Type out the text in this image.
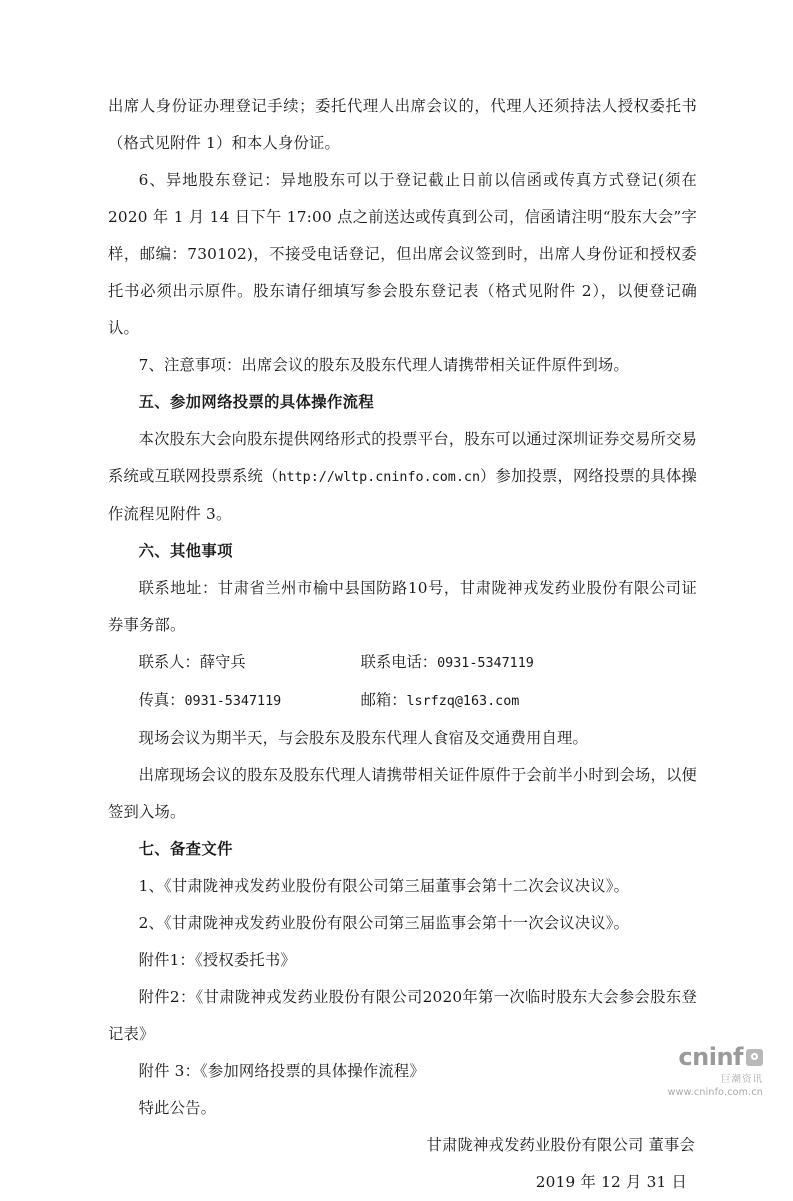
出席人身份证办理登记手续；委托代理人出席会议的，代理人还须持法人授权委托书（格式见附件 1）和本人身份证。

6、异地股东登记：异地股东可以于登记截止日前以信函或传真方式登记(须在 2020 年 1 月 14 日下午 17:00 点之前送达或传真到公司，信函请注明“股东大会”字样，邮编：730102)，不接受电话登记，但出席会议签到时，出席人身份证和授权委托书必须出示原件。股东请仔细填写参会股东登记表（格式见附件 2），以便登记确认。

7、注意事项：出席会议的股东及股东代理人请携带相关证件原件到场。

五、参加网络投票的具体操作流程

本次股东大会向股东提供网络形式的投票平台，股东可以通过深圳证券交易所交易系统或互联网投票系统（http://wltp.cninfo.com.cn）参加投票，网络投票的具体操作流程见附件 3。

六、其他事项

联系地址：甘肃省兰州市榆中县国防路10号，甘肃陇神戎发药业股份有限公司证券事务部。

联系人：薛守兵	联系电话：0931-5347119
传真：0931-5347119	邮箱：lsrfzq@163.com

现场会议为期半天，与会股东及股东代理人食宿及交通费用自理。

出席现场会议的股东及股东代理人请携带相关证件原件于会前半小时到会场，以便签到入场。

七、备查文件

1、《甘肃陇神戎发药业股份有限公司第三届董事会第十二次会议决议》。

2、《甘肃陇神戎发药业股份有限公司第三届监事会第十一次会议决议》。

附件1：《授权委托书》

附件2：《甘肃陇神戎发药业股份有限公司2020年第一次临时股东大会参会股东登记表》

附件 3：《参加网络投票的具体操作流程》

特此公告。

甘肃陇神戎发药业股份有限公司 董事会

2019 年 12 月 31 日

cninf
巨潮资讯
www.cninfo.com.cn
